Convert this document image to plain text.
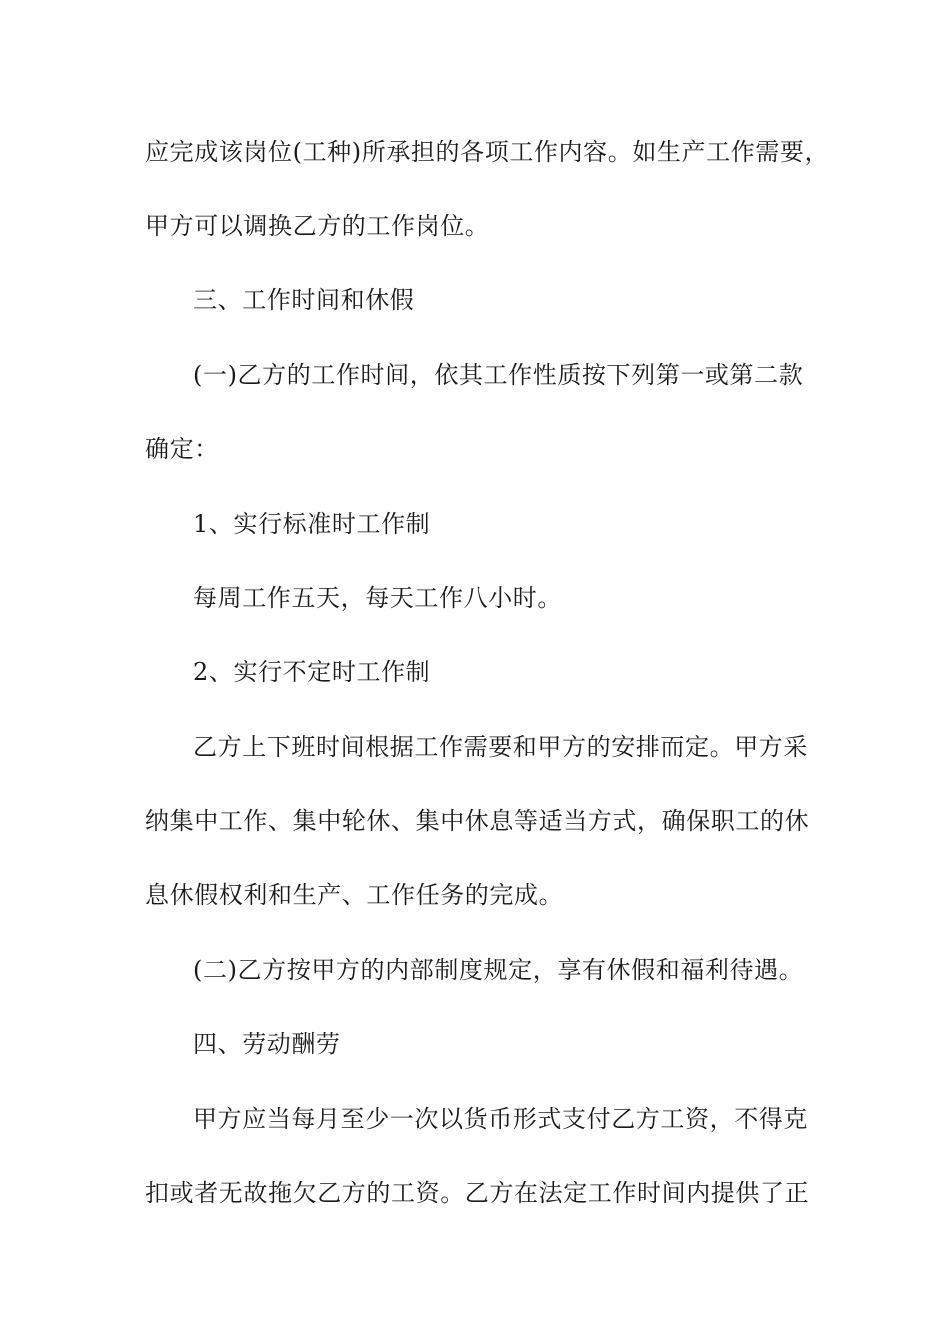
应完成该岗位(工种)所承担的各项工作内容。如生产工作需要，
甲方可以调换乙方的工作岗位。
三、工作时间和休假
(一)乙方的工作时间，依其工作性质按下列第一或第二款
确定：
1、实行标准时工作制
每周工作五天，每天工作八小时。
2、实行不定时工作制
乙方上下班时间根据工作需要和甲方的安排而定。甲方采
纳集中工作、集中轮休、集中休息等适当方式，确保职工的休
息休假权利和生产、工作任务的完成。
(二)乙方按甲方的内部制度规定，享有休假和福利待遇。
四、劳动酬劳
甲方应当每月至少一次以货币形式支付乙方工资，不得克
扣或者无故拖欠乙方的工资。乙方在法定工作时间内提供了正
